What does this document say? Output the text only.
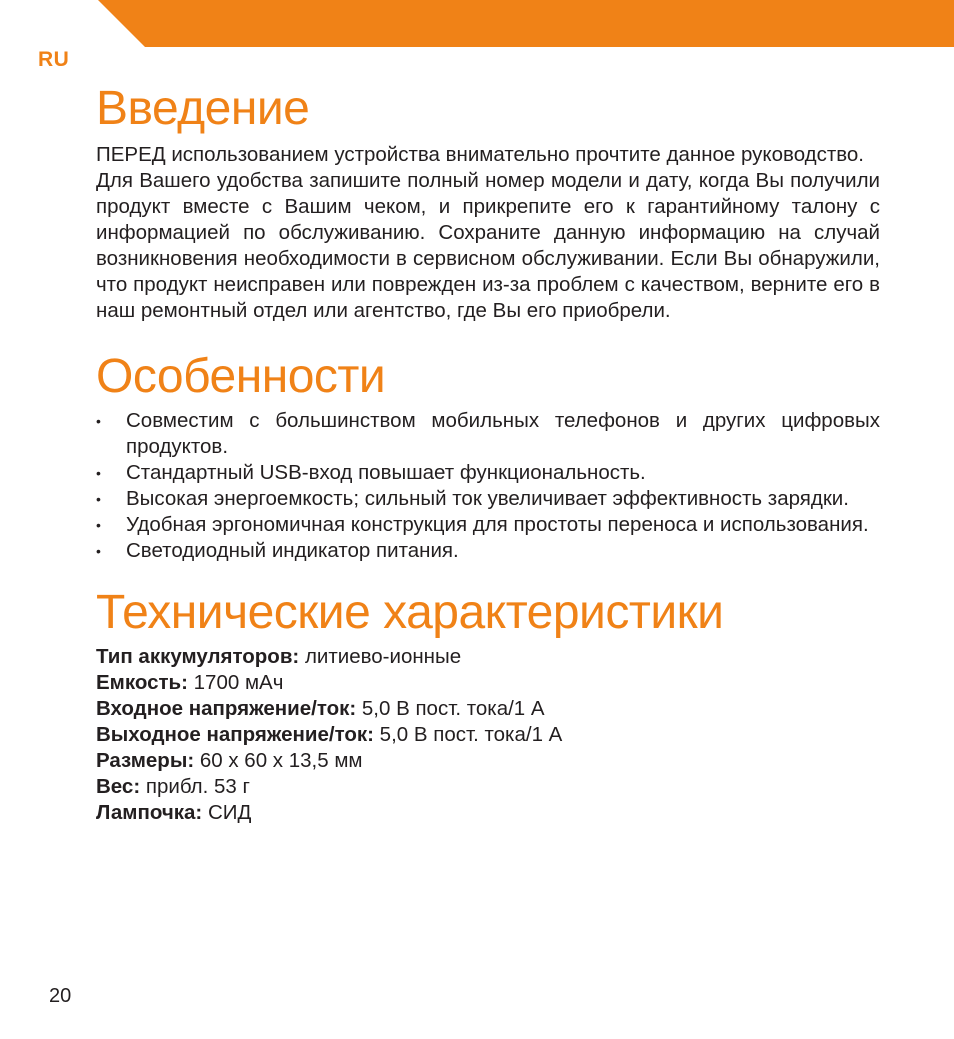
RU
Введение

ПЕРЕД использованием устройства внимательно прочтите данное руководство.

Для Вашего удобства запишите полный номер модели и дату, когда Вы получили продукт вместе с Вашим чеком, и прикрепите его к гарантийному талону с информацией по обслуживанию. Сохраните данную информацию на случай возникновения необходимости в сервисном обслуживании. Если Вы обнаружили, что продукт неисправен или поврежден из-за проблем с качеством, верните его в наш ремонтный отдел или агентство, где Вы его приобрели.

Особенности
• Совместим с большинством мобильных телефонов и других цифровых продуктов.
• Стандартный USB-вход повышает функциональность.
• Высокая энергоемкость; сильный ток увеличивает эффективность зарядки.
• Удобная эргономичная конструкция для простоты переноса и использования.
• Светодиодный индикатор питания.
Технические характеристики
Тип аккумуляторов: литиево-ионные
Емкость: 1700 мАч
Входное напряжение/ток: 5,0 В пост. тока/1 А
Выходное напряжение/ток: 5,0 В пост. тока/1 А
Размеры: 60 x 60 x 13,5 мм
Вес: прибл. 53 г
Лампочка: СИД
20
